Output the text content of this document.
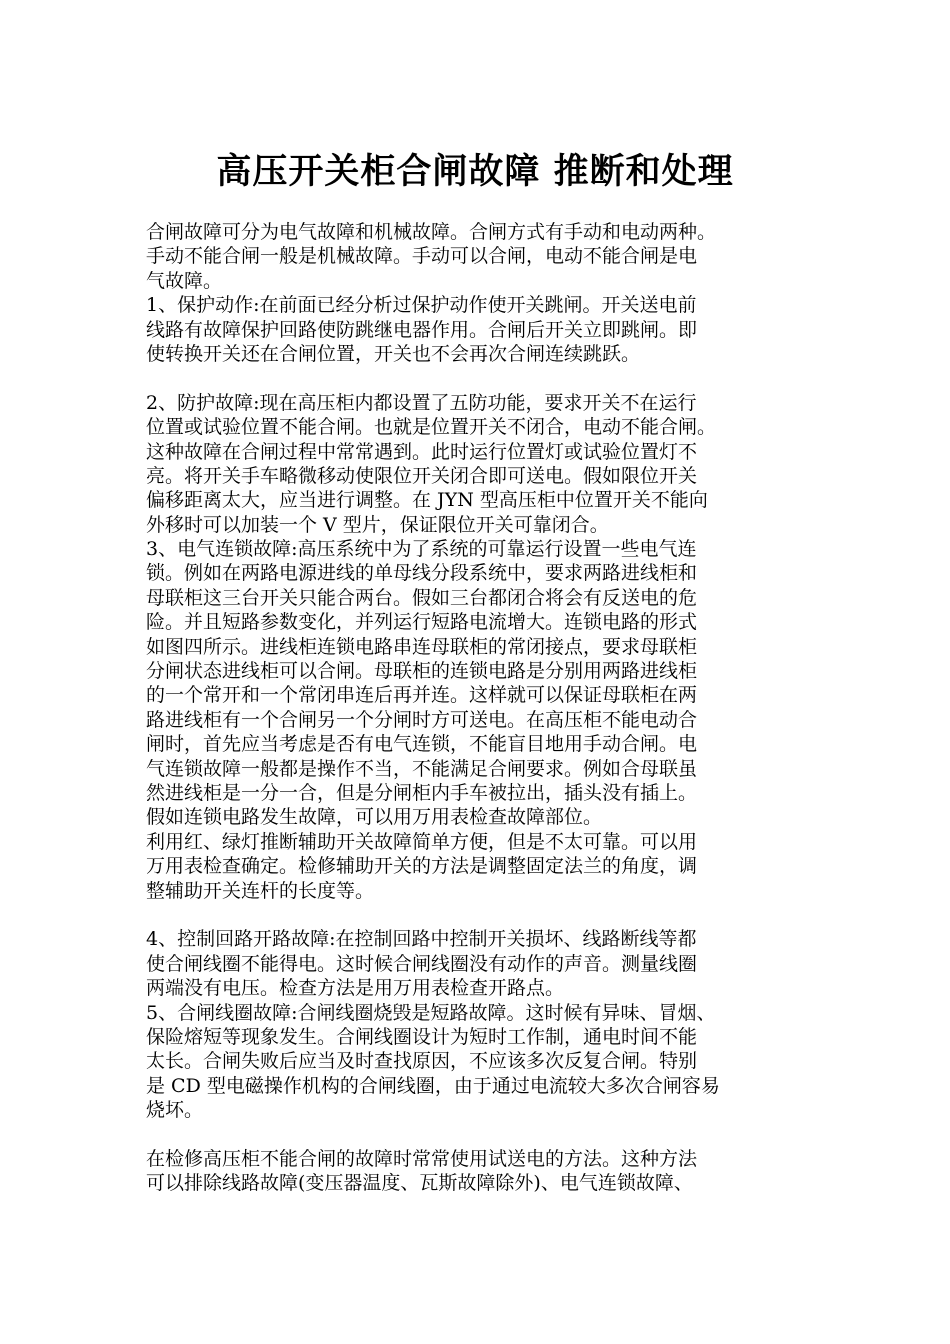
高压开关柜合闸故障 推断和处理
合闸故障可分为电气故障和机械故障。合闸方式有手动和电动两种。
手动不能合闸一般是机械故障。手动可以合闸，电动不能合闸是电
气故障。
1、保护动作:在前面已经分析过保护动作使开关跳闸。开关送电前
线路有故障保护回路使防跳继电器作用。合闸后开关立即跳闸。即
使转换开关还在合闸位置，开关也不会再次合闸连续跳跃。
2、防护故障:现在高压柜内都设置了五防功能，要求开关不在运行
位置或试验位置不能合闸。也就是位置开关不闭合，电动不能合闸。
这种故障在合闸过程中常常遇到。此时运行位置灯或试验位置灯不
亮。将开关手车略微移动使限位开关闭合即可送电。假如限位开关
偏移距离太大，应当进行调整。在 JYN 型高压柜中位置开关不能向
外移时可以加装一个 V 型片，保证限位开关可靠闭合。
3、电气连锁故障:高压系统中为了系统的可靠运行设置一些电气连
锁。例如在两路电源进线的单母线分段系统中，要求两路进线柜和
母联柜这三台开关只能合两台。假如三台都闭合将会有反送电的危
险。并且短路参数变化，并列运行短路电流增大。连锁电路的形式
如图四所示。进线柜连锁电路串连母联柜的常闭接点，要求母联柜
分闸状态进线柜可以合闸。母联柜的连锁电路是分别用两路进线柜
的一个常开和一个常闭串连后再并连。这样就可以保证母联柜在两
路进线柜有一个合闸另一个分闸时方可送电。在高压柜不能电动合
闸时，首先应当考虑是否有电气连锁，不能盲目地用手动合闸。电
气连锁故障一般都是操作不当，不能满足合闸要求。例如合母联虽
然进线柜是一分一合，但是分闸柜内手车被拉出，插头没有插上。
假如连锁电路发生故障，可以用万用表检查故障部位。
利用红、绿灯推断辅助开关故障简单方便，但是不太可靠。可以用
万用表检查确定。检修辅助开关的方法是调整固定法兰的角度，调
整辅助开关连杆的长度等。
4、控制回路开路故障:在控制回路中控制开关损坏、线路断线等都
使合闸线圈不能得电。这时候合闸线圈没有动作的声音。测量线圈
两端没有电压。检查方法是用万用表检查开路点。
5、合闸线圈故障:合闸线圈烧毁是短路故障。这时候有异味、冒烟、
保险熔短等现象发生。合闸线圈设计为短时工作制，通电时间不能
太长。合闸失败后应当及时查找原因，不应该多次反复合闸。特别
是 CD 型电磁操作机构的合闸线圈，由于通过电流较大多次合闸容易
烧坏。
在检修高压柜不能合闸的故障时常常使用试送电的方法。这种方法
可以排除线路故障(变压器温度、瓦斯故障除外)、电气连锁故障、
